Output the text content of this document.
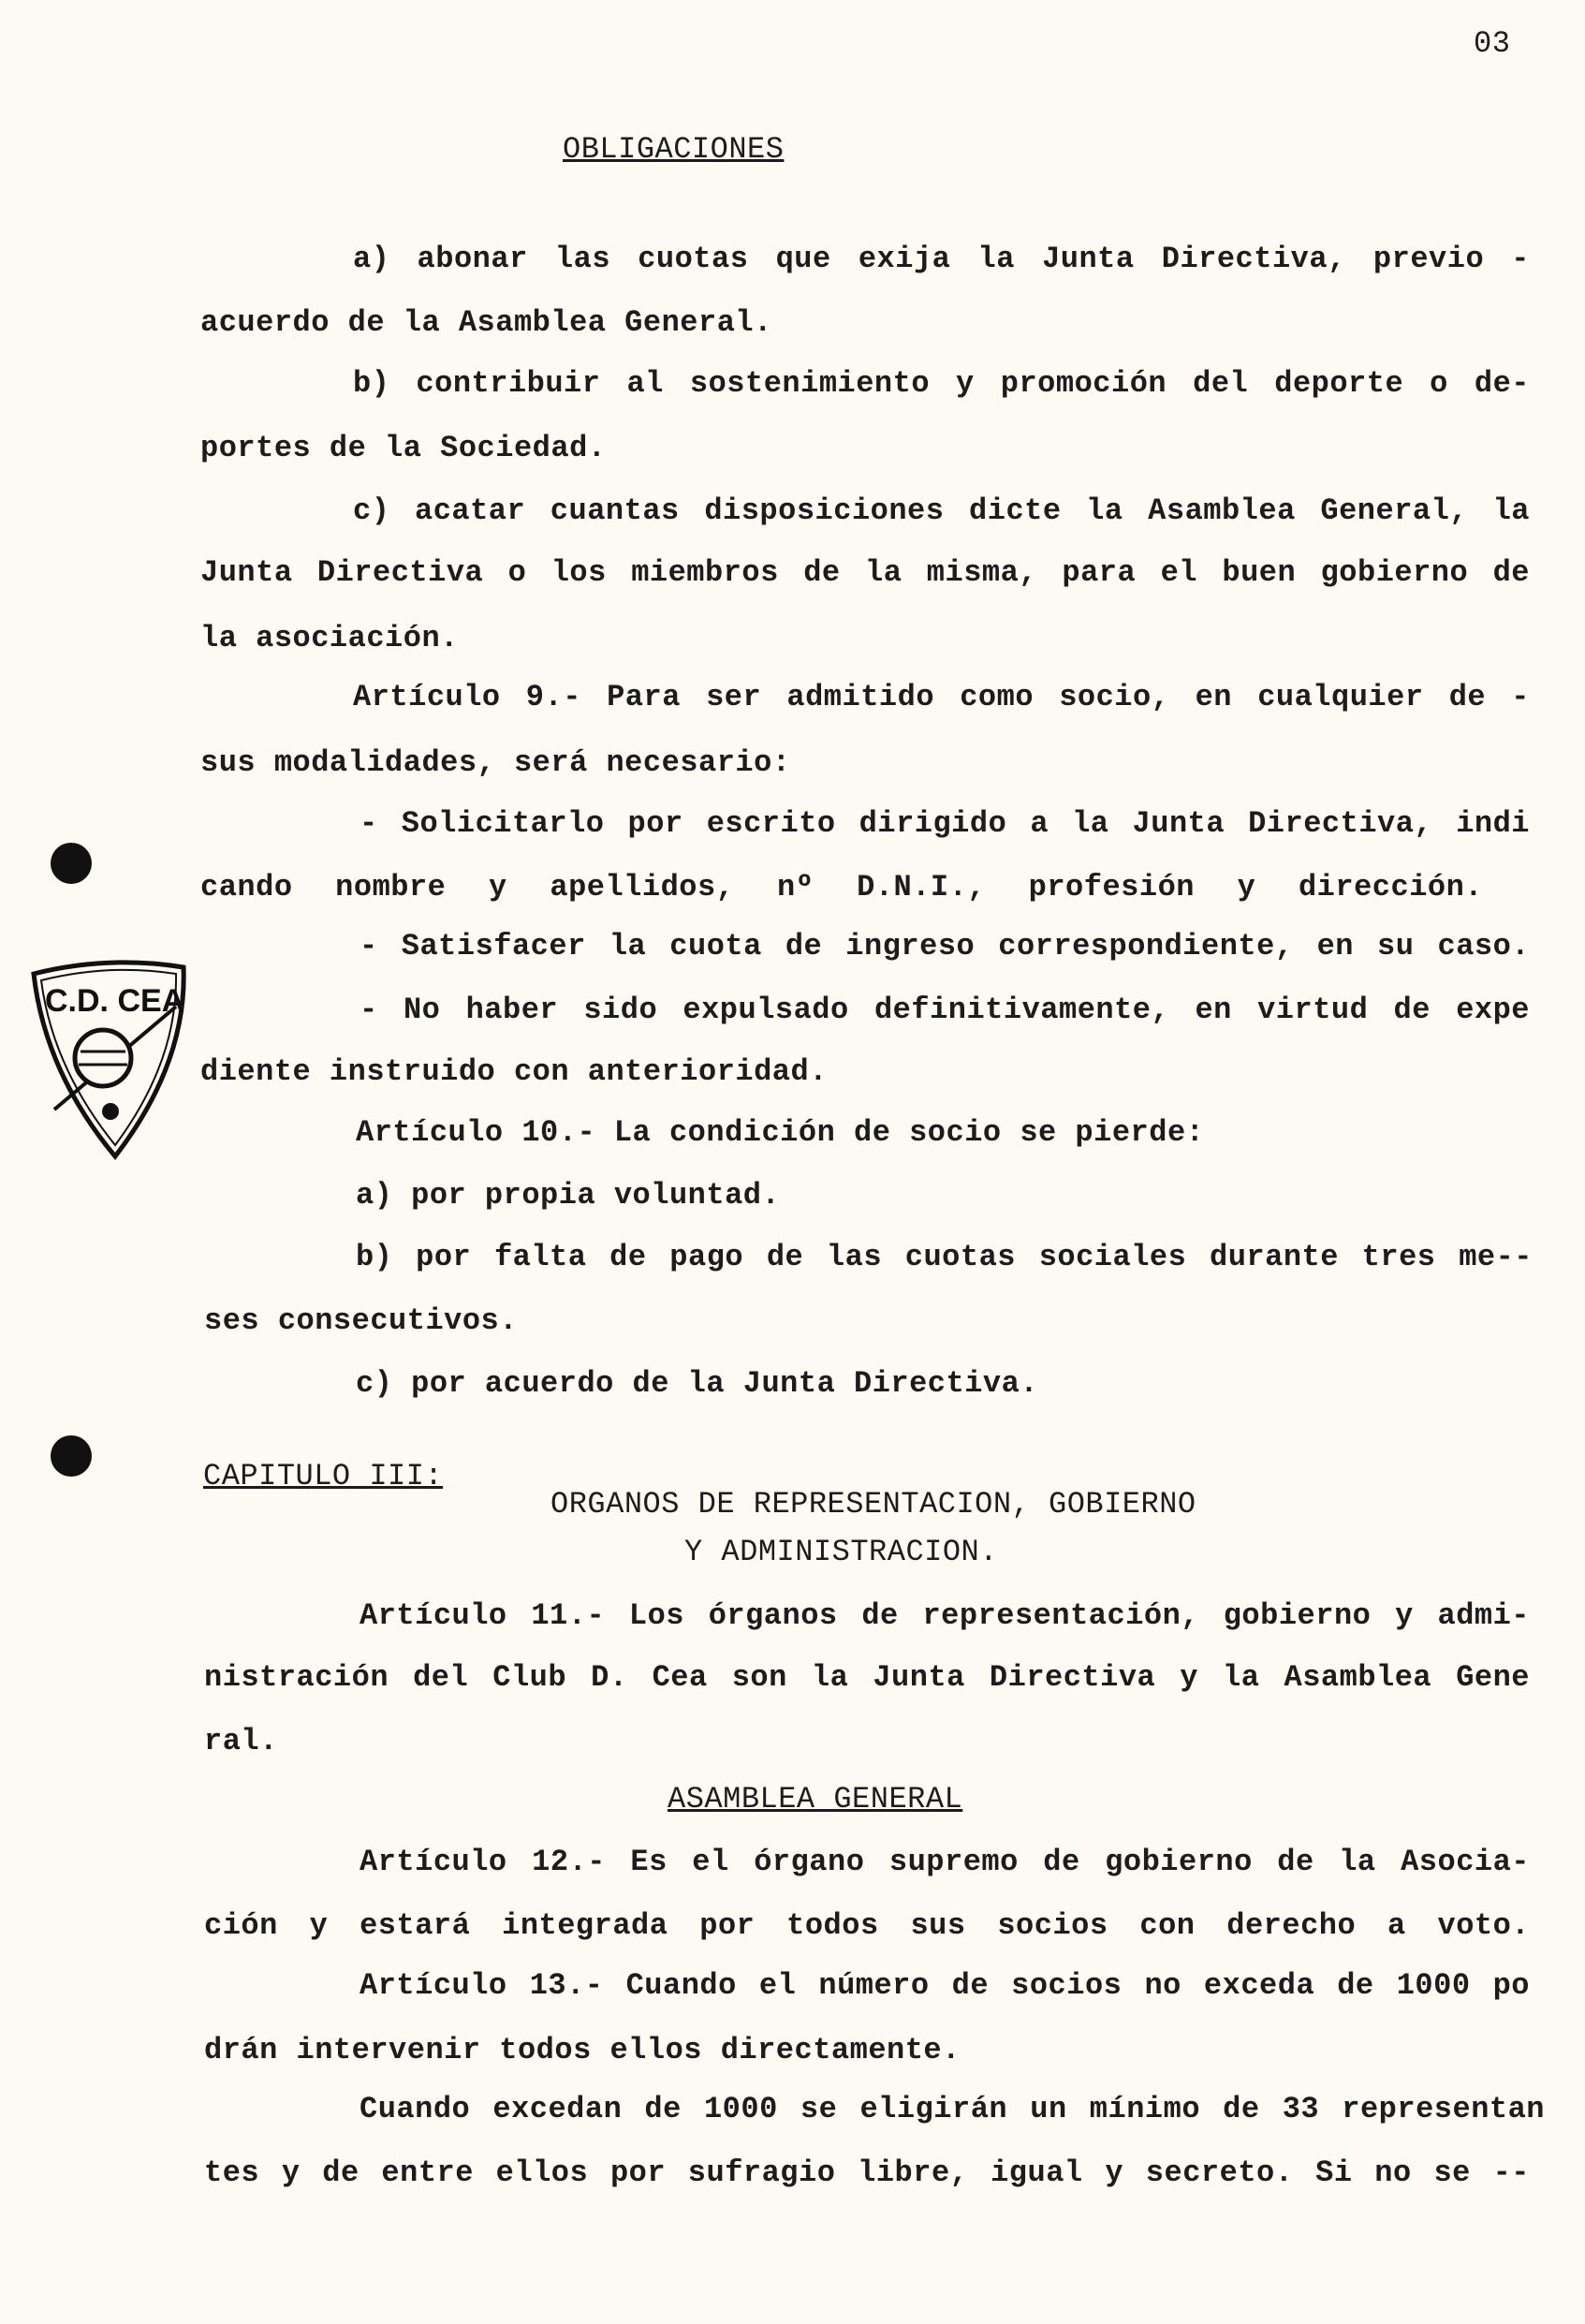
03
C.D. CEA
OBLIGACIONES
a) abonar las cuotas que exija la Junta Directiva, previo -
acuerdo de la Asamblea General.
b) contribuir al sostenimiento y promoción del deporte o de-
portes de la Sociedad.
c) acatar cuantas disposiciones dicte la Asamblea General, la
Junta Directiva o los miembros de la misma, para el buen gobierno de
la asociación.
Artículo 9.- Para ser admitido como socio, en cualquier de -
sus modalidades, será necesario:
- Solicitarlo por escrito dirigido a la Junta Directiva, indi
cando nombre y apellidos, nº D.N.I., profesión y dirección.
- Satisfacer la cuota de ingreso correspondiente, en su caso.
- No haber sido expulsado definitivamente, en virtud de expe
diente instruido con anterioridad.
Artículo 10.- La condición de socio se pierde:
a) por propia voluntad.
b) por falta de pago de las cuotas sociales durante tres me--
ses consecutivos.
c) por acuerdo de la Junta Directiva.
CAPITULO III:
ORGANOS DE REPRESENTACION, GOBIERNO
Y ADMINISTRACION.
Artículo 11.- Los órganos de representación, gobierno y admi-
nistración del Club D. Cea son la Junta Directiva y la Asamblea Gene
ral.
ASAMBLEA GENERAL
Artículo 12.- Es el órgano supremo de gobierno de la Asocia-
ción y estará integrada por todos sus socios con derecho a voto.
Artículo 13.- Cuando el número de socios no exceda de 1000 po
drán intervenir todos ellos directamente.
Cuando excedan de 1000 se eligirán un mínimo de 33 representan
tes y de entre ellos por sufragio libre, igual y secreto. Si no se --
